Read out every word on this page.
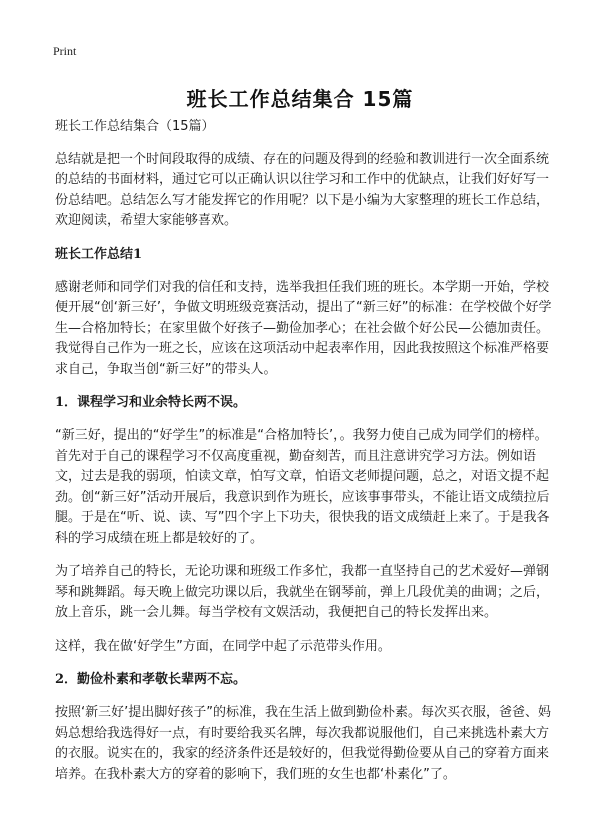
Print
班长工作总结集合 15篇

班长工作总结集合（15篇）

总结就是把一个时间段取得的成绩、存在的问题及得到的经验和教训进行一次全面系统的总结的书面材料，通过它可以正确认识以往学习和工作中的优缺点，让我们好好写一份总结吧。总结怎么写才能发挥它的作用呢？以下是小编为大家整理的班长工作总结，欢迎阅读，希望大家能够喜欢。

班长工作总结1

感谢老师和同学们对我的信任和支持，选举我担任我们班的班长。本学期一开始，学校便开展“创‘新三好’，争做文明班级竞赛活动，提出了“新三好”的标准：在学校做个好学生—合格加特长；在家里做个好孩子—勤俭加孝心；在社会做个好公民—公德加责任。我觉得自己作为一班之长，应该在这项活动中起表率作用，因此我按照这个标准严格要求自己，争取当创“新三好”的带头人。

1．课程学习和业余特长两不误。

“新三好，提出的“好学生”的标准是“合格加特长’，。我努力使自己成为同学们的榜样。首先对于自己的课程学习不仅高度重视，勤奋刻苦，而且注意讲究学习方法。例如语文，过去是我的弱项，怕读文章，怕写文章，怕语文老师提问题，总之，对语文提不起劲。创“新三好”活动开展后，我意识到作为班长，应该事事带头，不能让语文成绩拉后腿。于是在“听、说、读、写”四个字上下功夫，很快我的语文成绩赶上来了。于是我各科的学习成绩在班上都是较好的了。

为了培养自己的特长，无论功课和班级工作多忙，我都一直坚持自己的艺术爱好—弹钢琴和跳舞蹈。每天晚上做完功课以后，我就坐在钢琴前，弹上几段优美的曲调；之后，放上音乐，跳一会儿舞。每当学校有文娱活动，我便把自己的特长发挥出来。

这样，我在做‘好学生”方面，在同学中起了示范带头作用。

2．勤俭朴素和孝敬长辈两不忘。

按照‘新三好’提出脚好孩子”的标准，我在生活上做到勤俭朴素。每次买衣服，爸爸、妈妈总想给我选得好一点，有时要给我买名牌，每次我都说服他们，自己来挑选朴素大方的衣服。说实在的，我家的经济条件还是较好的，但我觉得勤俭要从自己的穿着方面来培养。在我朴素大方的穿着的影响下，我们班的女生也都‘朴素化”了。
